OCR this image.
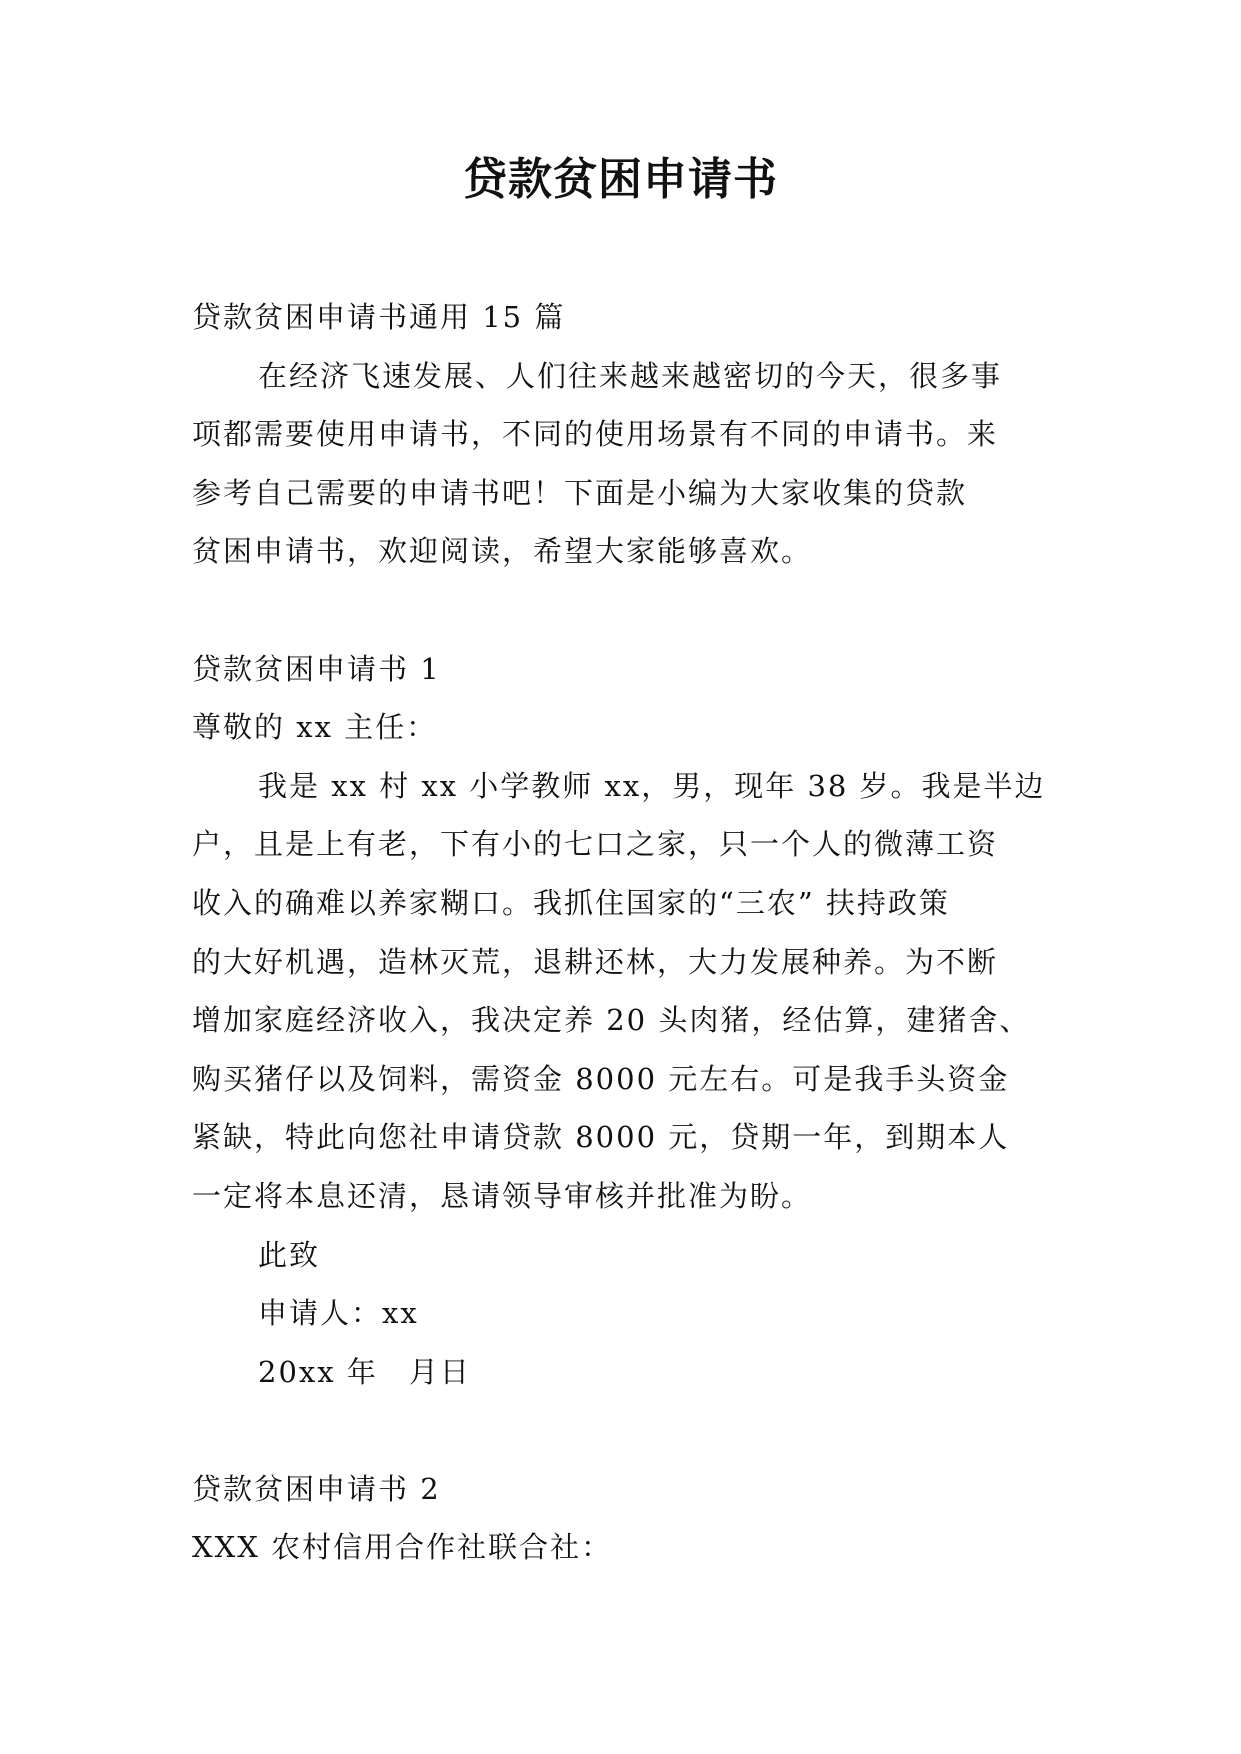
贷款贫困申请书
贷款贫困申请书通用 15 篇
在经济飞速发展、人们往来越来越密切的今天，很多事
项都需要使用申请书，不同的使用场景有不同的申请书。来
参考自己需要的申请书吧！下面是小编为大家收集的贷款
贫困申请书，欢迎阅读，希望大家能够喜欢。
贷款贫困申请书 1
尊敬的 xx 主任：
我是 xx 村 xx 小学教师 xx，男，现年 38 岁。我是半边
户，且是上有老，下有小的七口之家，只一个人的微薄工资
收入的确难以养家糊口。我抓住国家的“三农” 扶持政策
的大好机遇，造林灭荒，退耕还林，大力发展种养。为不断
增加家庭经济收入，我决定养 20 头肉猪，经估算，建猪舍、
购买猪仔以及饲料，需资金 8000 元左右。可是我手头资金
紧缺，特此向您社申请贷款 8000 元，贷期一年，到期本人
一定将本息还清，恳请领导审核并批准为盼。
此致
申请人：xx
20xx 年　月日
贷款贫困申请书 2
XXX 农村信用合作社联合社：
